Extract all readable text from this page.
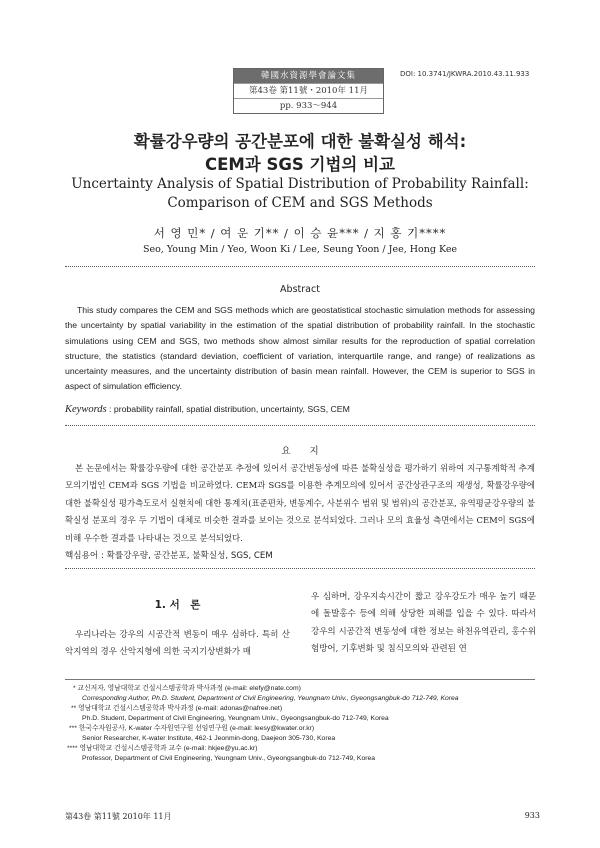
韓國水資源學會論文集
第43卷 第11號・2010年 11月
pp. 933～944
DOI: 10.3741/JKWRA.2010.43.11.933
확률강우량의 공간분포에 대한 불확실성 해석:
CEM과 SGS 기법의 비교
Uncertainty Analysis of Spatial Distribution of Probability Rainfall:
Comparison of CEM and SGS Methods
서 영 민* / 여 운 기** / 이 승 윤*** / 지 홍 기****
Seo, Young Min / Yeo, Woon Ki / Lee, Seung Yoon / Jee, Hong Kee
Abstract
This study compares the CEM and SGS methods which are geostatistical stochastic simulation methods for assessing the uncertainty by spatial variability in the estimation of the spatial distribution of probability rainfall. In the stochastic simulations using CEM and SGS, two methods show almost similar results for the reproduction of spatial correlation structure, the statistics (standard deviation, coefficient of variation, interquartile range, and range) of realizations as uncertainty measures, and the uncertainty distribution of basin mean rainfall. However, the CEM is superior to SGS in aspect of simulation efficiency.
Keywords : probability rainfall, spatial distribution, uncertainty, SGS, CEM
요　　지
본 논문에서는 확률강우량에 대한 공간분포 추정에 있어서 공간변동성에 따른 불확실성을 평가하기 위하여 지구통계학적 추계모의기법인 CEM과 SGS 기법을 비교하였다. CEM과 SGS를 이용한 추계모의에 있어서 공간상관구조의 재생성, 확률강우량에 대한 불확실성 평가측도로서 실현치에 대한 통계치(표준편차, 변동계수, 사분위수 범위 및 범위)의 공간분포, 유역평균강우량의 불확실성 분포의 경우 두 기법이 대체로 비슷한 결과를 보이는 것으로 분석되었다. 그러나 모의 효율성 측면에서는 CEM이 SGS에 비해 우수한 결과를 나타내는 것으로 분석되었다.
핵심용어 : 확률강우량, 공간분포, 불확실성, SGS, CEM
1. 서　론
우리나라는 강우의 시공간적 변동이 매우 심하다. 특히 산악지역의 경우 산악지형에 의한 국지기상변화가 매
우 심하며, 강우지속시간이 짧고 강우강도가 매우 높기 때문에 돌발홍수 등에 의해 상당한 피해를 입을 수 있다. 따라서 강우의 시공간적 변동성에 대한 정보는 하천유역관리, 홍수위험방어, 기후변화 및 침식모의와 관련된 연
* 교신저자, 영남대학교 건설시스템공학과 박사과정 (e-mail: elefy@nate.com)
Corresponding Author, Ph.D. Student, Department of Civil Engineering, Yeungnam Univ., Gyeongsangbuk-do 712-749, Korea
** 영남대학교 건설시스템공학과 박사과정 (e-mail: adonas@nafree.net)
Ph.D. Student, Department of Civil Engineering, Yeungnam Univ., Gyeongsangbuk-do 712-749, Korea
*** 한국수자원공사, K-water 수자원연구원 선임연구원 (e-mail: leesy@kwater.or.kr)
Senior Researcher, K-water Institute, 462-1 Jeonmin-dong, Daejeon 305-730, Korea
**** 영남대학교 건설시스템공학과 교수 (e-mail: hkjee@yu.ac.kr)
Professor, Department of Civil Engineering, Yeungnam Univ., Gyeongsangbuk-do 712-749, Korea
第43卷 第11號 2010年 11月	933
